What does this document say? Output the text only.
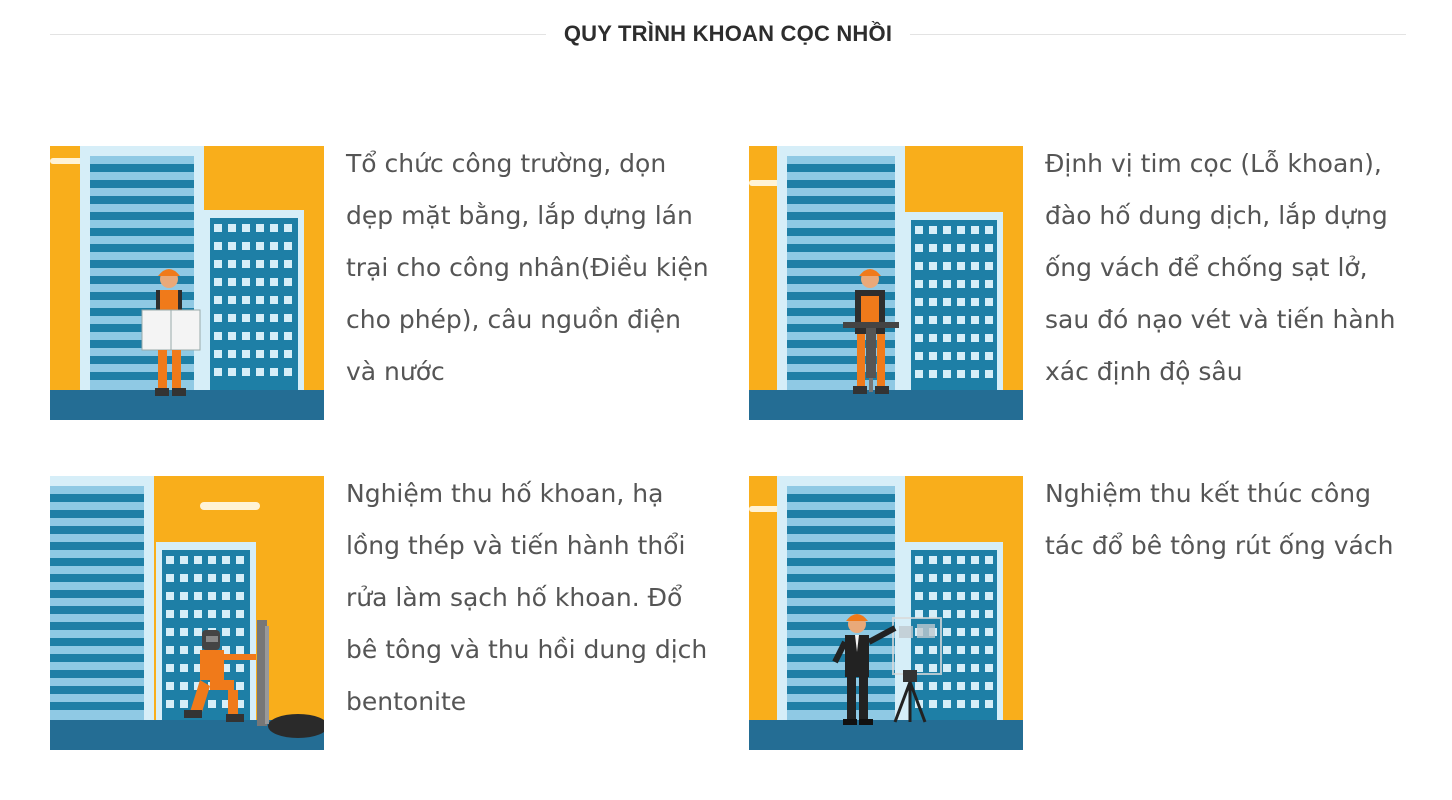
QUY TRÌNH KHOAN CỌC NHỒI

Tổ chức công trường, dọn dẹp mặt bằng, lắp dựng lán trại cho công nhân(Điều kiện cho phép), câu nguồn điện và nước

Định vị tim cọc (Lỗ khoan), đào hố dung dịch, lắp dựng ống vách để chống sạt lở, sau đó nạo vét và tiến hành xác định độ sâu

Nghiệm thu hố khoan, hạ lồng thép và tiến hành thổi rửa làm sạch hố khoan. Đổ bê tông và thu hồi dung dịch bentonite

Nghiệm thu kết thúc công tác đổ bê tông rút ống vách
